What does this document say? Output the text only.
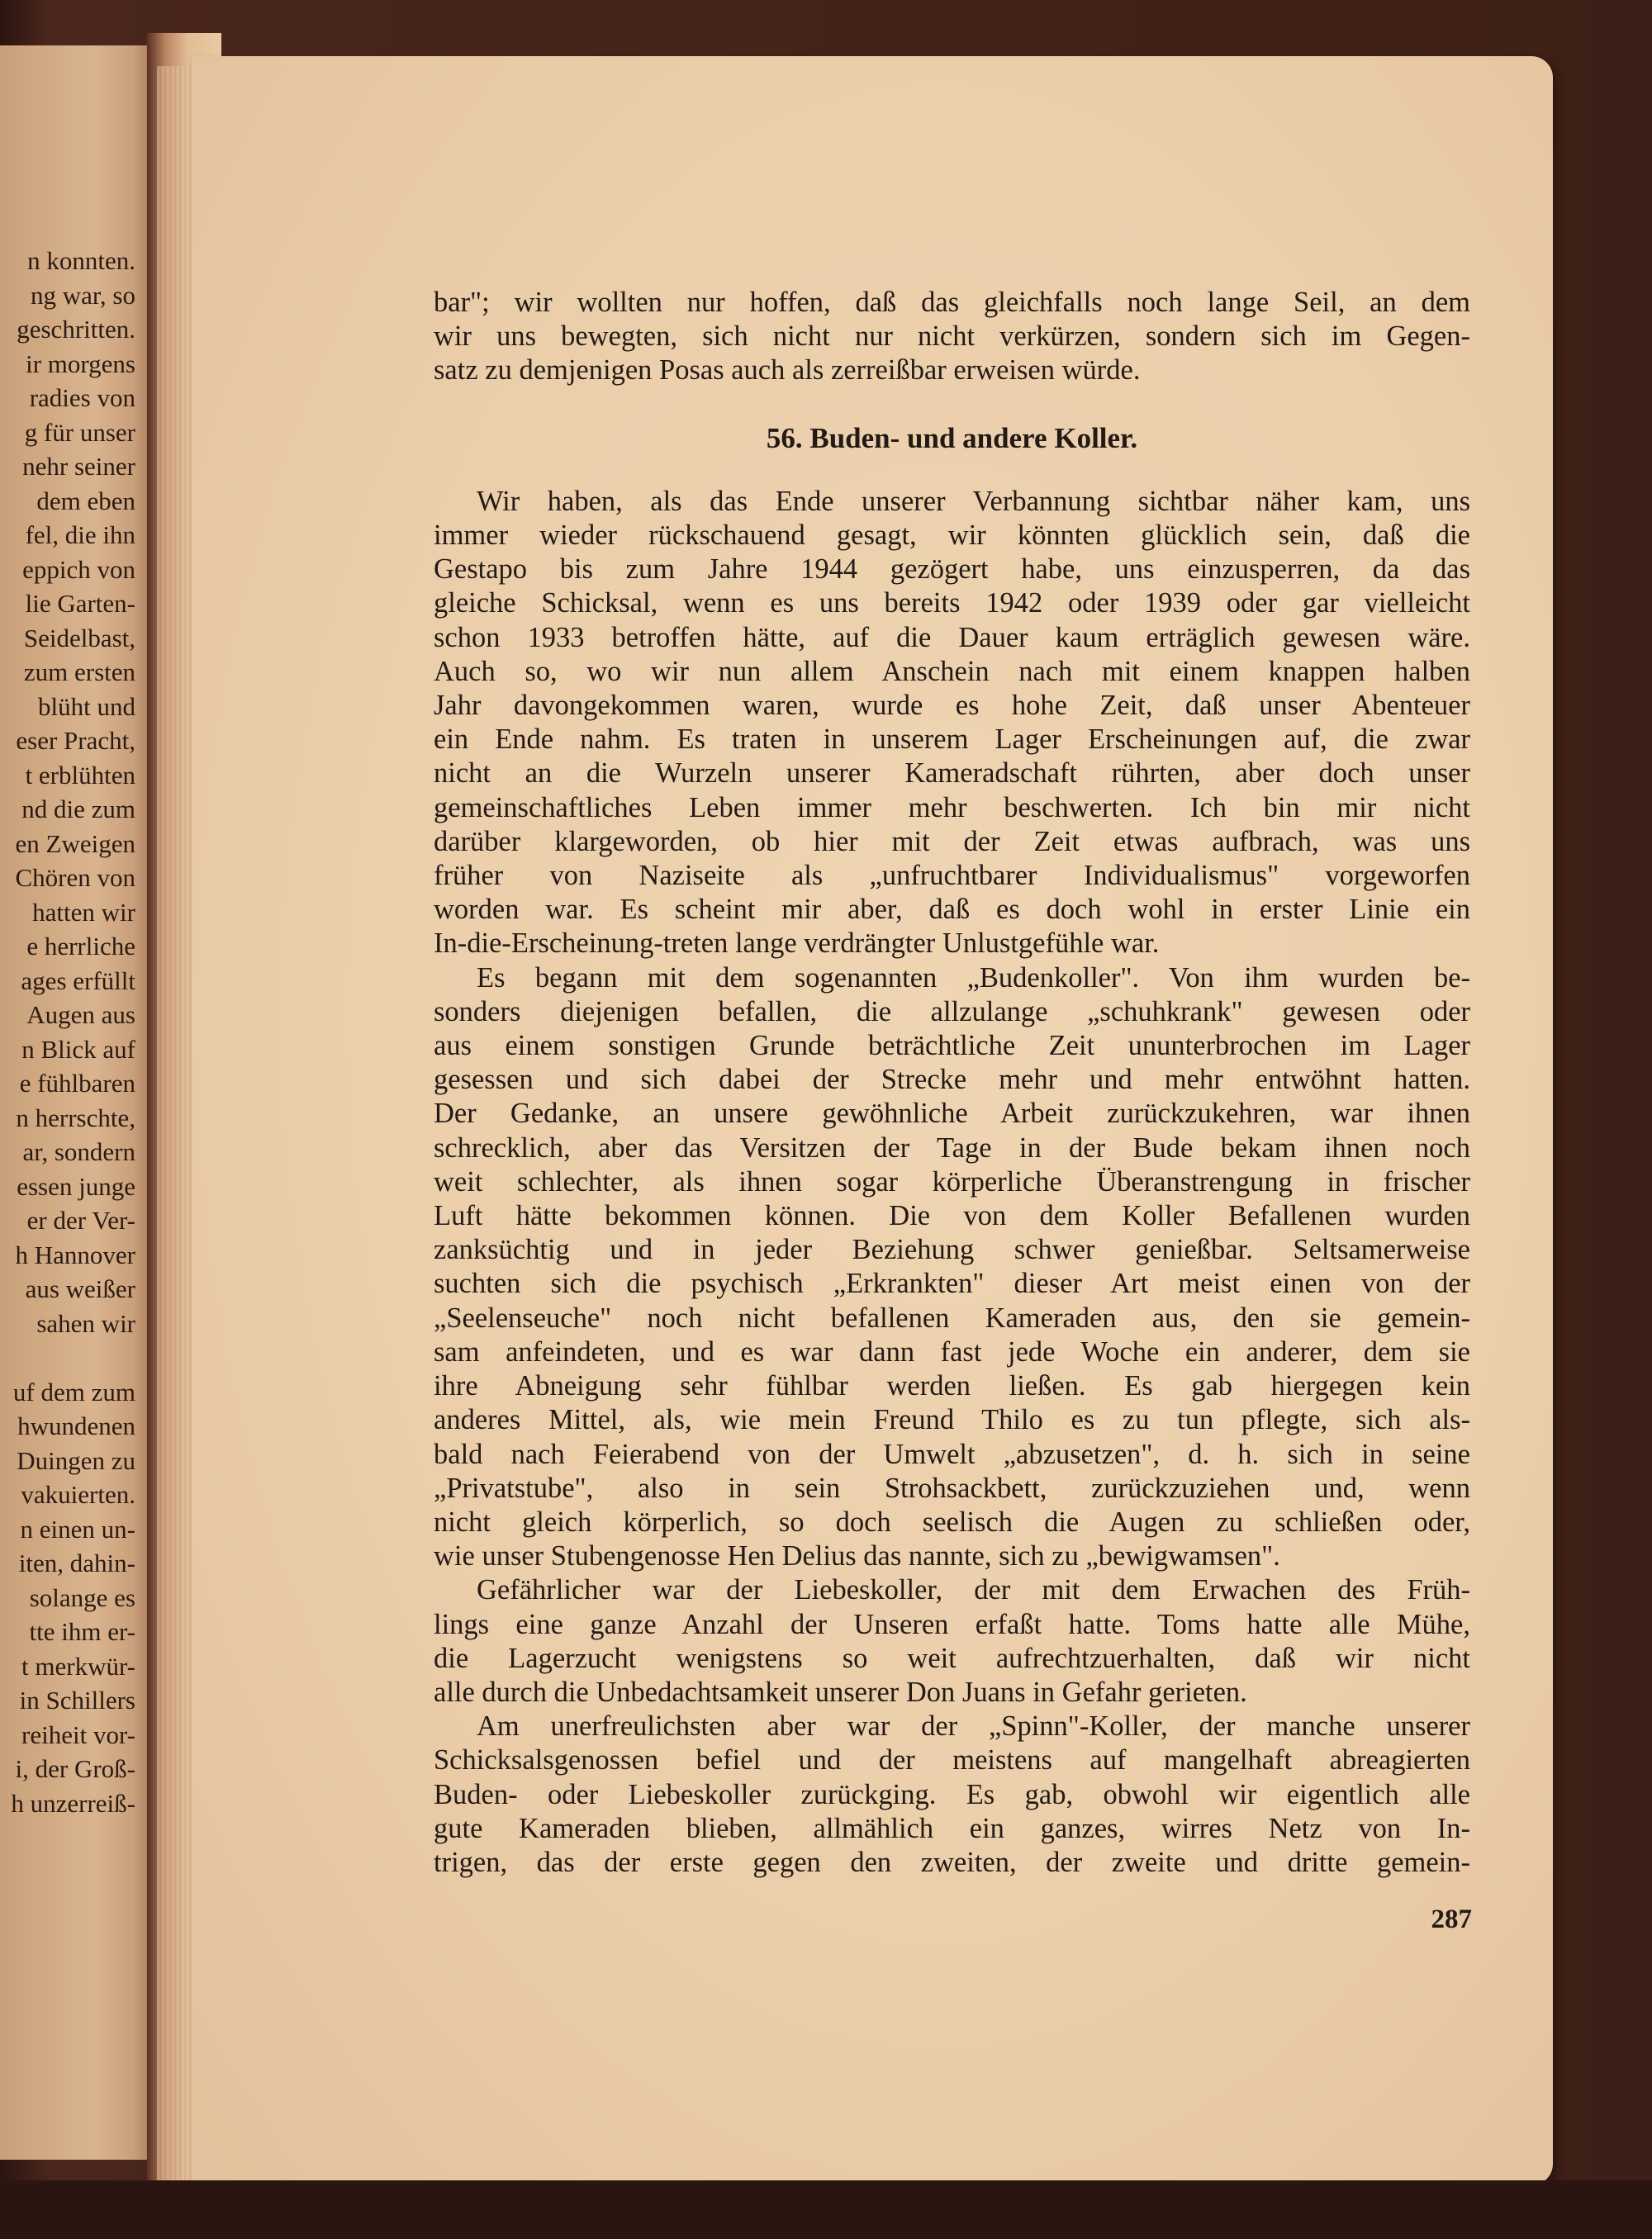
n konnten.
ng war, so
geschritten.
ir morgens
radies von
g für unser
nehr seiner
dem eben
fel, die ihn
eppich von
lie Garten-
Seidelbast,
zum ersten
blüht und
eser Pracht,
t erblühten
nd die zum
en Zweigen
Chören von
hatten wir
e herrliche
ages erfüllt
Augen aus
n Blick auf
e fühlbaren
n herrschte,
ar, sondern
essen junge
er der Ver-
h Hannover
aus weißer
sahen wir

uf dem zum
hwundenen
Duingen zu
vakuierten.
n einen un-
iten, dahin-
solange es
tte ihm er-
t merkwür-
in Schillers
reiheit vor-
i, der Groß-
h unzerreiß-

bar"; wir wollten nur hoffen, daß das gleichfalls noch lange Seil, an dem

wir uns bewegten, sich nicht nur nicht verkürzen, sondern sich im Gegen-

satz zu demjenigen Posas auch als zerreißbar erweisen würde.

56. Buden- und andere Koller.

Wir haben, als das Ende unserer Verbannung sichtbar näher kam, uns

immer wieder rückschauend gesagt, wir könnten glücklich sein, daß die

Gestapo bis zum Jahre 1944 gezögert habe, uns einzusperren, da das

gleiche Schicksal, wenn es uns bereits 1942 oder 1939 oder gar vielleicht

schon 1933 betroffen hätte, auf die Dauer kaum erträglich gewesen wäre.

Auch so, wo wir nun allem Anschein nach mit einem knappen halben

Jahr davongekommen waren, wurde es hohe Zeit, daß unser Abenteuer

ein Ende nahm. Es traten in unserem Lager Erscheinungen auf, die zwar

nicht an die Wurzeln unserer Kameradschaft rührten, aber doch unser

gemeinschaftliches Leben immer mehr beschwerten. Ich bin mir nicht

darüber klargeworden, ob hier mit der Zeit etwas aufbrach, was uns

früher von Naziseite als „unfruchtbarer Individualismus" vorgeworfen

worden war. Es scheint mir aber, daß es doch wohl in erster Linie ein

In-die-Erscheinung-treten lange verdrängter Unlustgefühle war.

Es begann mit dem sogenannten „Budenkoller". Von ihm wurden be-

sonders diejenigen befallen, die allzulange „schuhkrank" gewesen oder

aus einem sonstigen Grunde beträchtliche Zeit ununterbrochen im Lager

gesessen und sich dabei der Strecke mehr und mehr entwöhnt hatten.

Der Gedanke, an unsere gewöhnliche Arbeit zurückzukehren, war ihnen

schrecklich, aber das Versitzen der Tage in der Bude bekam ihnen noch

weit schlechter, als ihnen sogar körperliche Überanstrengung in frischer

Luft hätte bekommen können. Die von dem Koller Befallenen wurden

zanksüchtig und in jeder Beziehung schwer genießbar. Seltsamerweise

suchten sich die psychisch „Erkrankten" dieser Art meist einen von der

„Seelenseuche" noch nicht befallenen Kameraden aus, den sie gemein-

sam anfeindeten, und es war dann fast jede Woche ein anderer, dem sie

ihre Abneigung sehr fühlbar werden ließen. Es gab hiergegen kein

anderes Mittel, als, wie mein Freund Thilo es zu tun pflegte, sich als-

bald nach Feierabend von der Umwelt „abzusetzen", d. h. sich in seine

„Privatstube", also in sein Strohsackbett, zurückzuziehen und, wenn

nicht gleich körperlich, so doch seelisch die Augen zu schließen oder,

wie unser Stubengenosse Hen Delius das nannte, sich zu „bewigwamsen".

Gefährlicher war der Liebeskoller, der mit dem Erwachen des Früh-

lings eine ganze Anzahl der Unseren erfaßt hatte. Toms hatte alle Mühe,

die Lagerzucht wenigstens so weit aufrechtzuerhalten, daß wir nicht

alle durch die Unbedachtsamkeit unserer Don Juans in Gefahr gerieten.

Am unerfreulichsten aber war der „Spinn"-Koller, der manche unserer

Schicksalsgenossen befiel und der meistens auf mangelhaft abreagierten

Buden- oder Liebeskoller zurückging. Es gab, obwohl wir eigentlich alle

gute Kameraden blieben, allmählich ein ganzes, wirres Netz von In-

trigen, das der erste gegen den zweiten, der zweite und dritte gemein-

287
